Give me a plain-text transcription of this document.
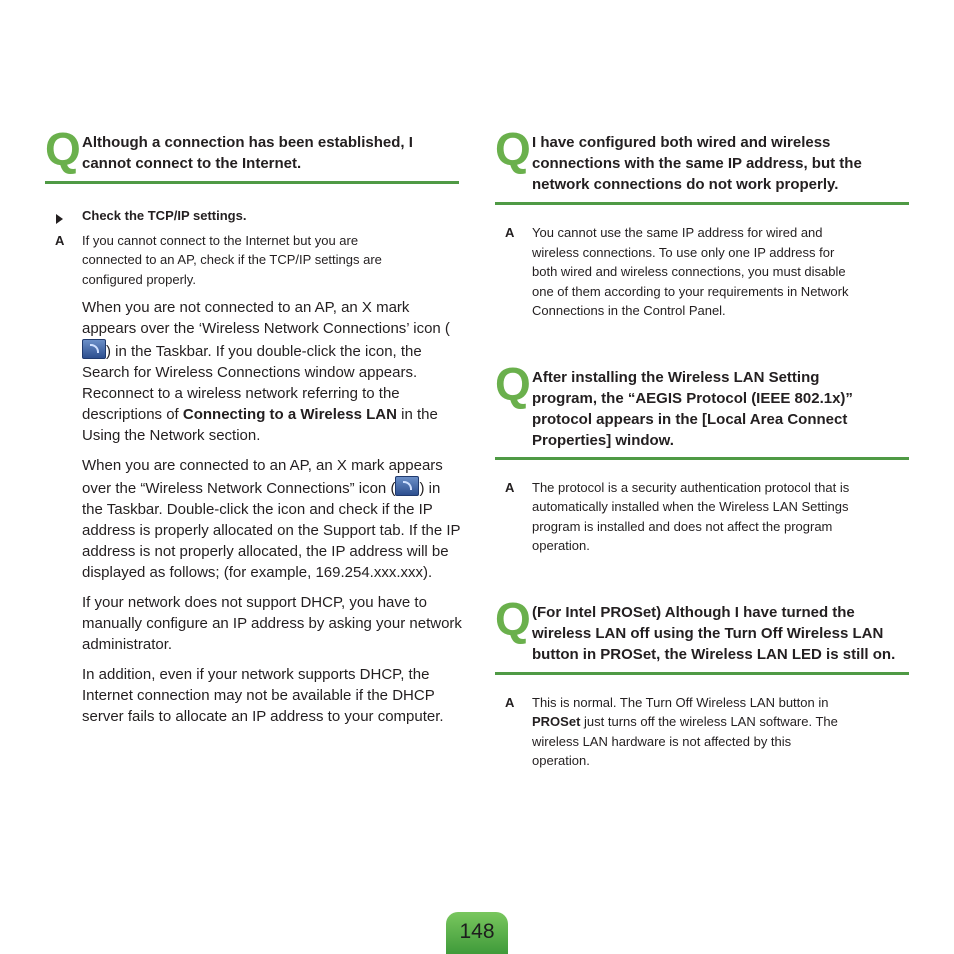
Q Although a connection has been established, I cannot connect to the Internet.
Check the TCP/IP settings.
A If you cannot connect to the Internet but you are connected to an AP, check if the TCP/IP settings are configured properly.

When you are not connected to an AP, an X mark appears over the ‘Wireless Network Connections’ icon () in the Taskbar. If you double-click the icon, the Search for Wireless Connections window appears. Reconnect to a wireless network referring to the descriptions of Connecting to a Wireless LAN in the Using the Network section.

When you are connected to an AP, an X mark appears over the “Wireless Network Connections” icon ( ) in the Taskbar. Double-click the icon and check if the IP address is properly allocated on the Support tab. If the IP address is not properly allocated, the IP address will be displayed as follows; (for example, 169.254.xxx.xxx).

If your network does not support DHCP, you have to manually configure an IP address by asking your network administrator.

In addition, even if your network supports DHCP, the Internet connection may not be available if the DHCP server fails to allocate an IP address to your computer.

Q I have configured both wired and wireless connections with the same IP address, but the network connections do not work properly.
A You cannot use the same IP address for wired and wireless connections. To use only one IP address for both wired and wireless connections, you must disable one of them according to your requirements in Network Connections in the Control Panel.
Q After installing the Wireless LAN Setting program, the “AEGIS Protocol (IEEE 802.1x)” protocol appears in the [Local Area Connect Properties] window.
A The protocol is a security authentication protocol that is automatically installed when the Wireless LAN Settings program is installed and does not affect the program operation.
Q (For Intel PROSet) Although I have turned the wireless LAN off using the Turn Off Wireless LAN button in PROSet, the Wireless LAN LED is still on.
A This is normal. The Turn Off Wireless LAN button in PROSet just turns off the wireless LAN software. The wireless LAN hardware is not affected by this operation.
148
